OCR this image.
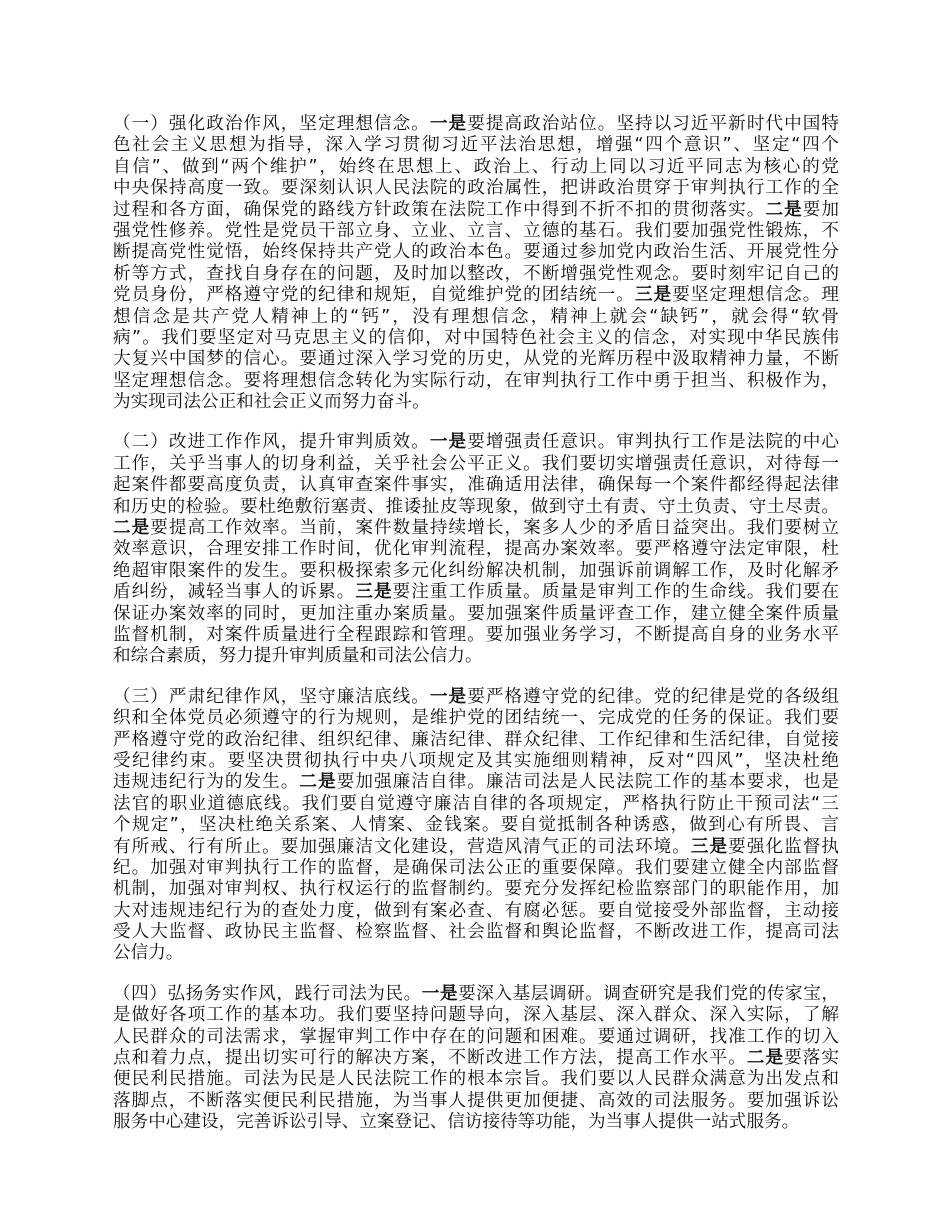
（一）强化政治作风，坚定理想信念。一是要提高政治站位。坚持以习近平新时代中国特
色社会主义思想为指导，深入学习贯彻习近平法治思想，增强“四个意识”、坚定“四个
自信”、做到“两个维护”，始终在思想上、政治上、行动上同以习近平同志为核心的党
中央保持高度一致。要深刻认识人民法院的政治属性，把讲政治贯穿于审判执行工作的全
过程和各方面，确保党的路线方针政策在法院工作中得到不折不扣的贯彻落实。二是要加
强党性修养。党性是党员干部立身、立业、立言、立德的基石。我们要加强党性锻炼，不
断提高党性觉悟，始终保持共产党人的政治本色。要通过参加党内政治生活、开展党性分
析等方式，查找自身存在的问题，及时加以整改，不断增强党性观念。要时刻牢记自己的
党员身份，严格遵守党的纪律和规矩，自觉维护党的团结统一。三是要坚定理想信念。理
想信念是共产党人精神上的“钙”，没有理想信念，精神上就会“缺钙”，就会得“软骨
病”。我们要坚定对马克思主义的信仰，对中国特色社会主义的信念，对实现中华民族伟
大复兴中国梦的信心。要通过深入学习党的历史，从党的光辉历程中汲取精神力量，不断
坚定理想信念。要将理想信念转化为实际行动，在审判执行工作中勇于担当、积极作为，
为实现司法公正和社会正义而努力奋斗。
（二）改进工作作风，提升审判质效。一是要增强责任意识。审判执行工作是法院的中心
工作，关乎当事人的切身利益，关乎社会公平正义。我们要切实增强责任意识，对待每一
起案件都要高度负责，认真审查案件事实，准确适用法律，确保每一个案件都经得起法律
和历史的检验。要杜绝敷衍塞责、推诿扯皮等现象，做到守土有责、守土负责、守土尽责。
二是要提高工作效率。当前，案件数量持续增长，案多人少的矛盾日益突出。我们要树立
效率意识，合理安排工作时间，优化审判流程，提高办案效率。要严格遵守法定审限，杜
绝超审限案件的发生。要积极探索多元化纠纷解决机制，加强诉前调解工作，及时化解矛
盾纠纷，减轻当事人的诉累。三是要注重工作质量。质量是审判工作的生命线。我们要在
保证办案效率的同时，更加注重办案质量。要加强案件质量评查工作，建立健全案件质量
监督机制，对案件质量进行全程跟踪和管理。要加强业务学习，不断提高自身的业务水平
和综合素质，努力提升审判质量和司法公信力。
（三）严肃纪律作风，坚守廉洁底线。一是要严格遵守党的纪律。党的纪律是党的各级组
织和全体党员必须遵守的行为规则，是维护党的团结统一、完成党的任务的保证。我们要
严格遵守党的政治纪律、组织纪律、廉洁纪律、群众纪律、工作纪律和生活纪律，自觉接
受纪律约束。要坚决贯彻执行中央八项规定及其实施细则精神，反对“四风”，坚决杜绝
违规违纪行为的发生。二是要加强廉洁自律。廉洁司法是人民法院工作的基本要求，也是
法官的职业道德底线。我们要自觉遵守廉洁自律的各项规定，严格执行防止干预司法“三
个规定”，坚决杜绝关系案、人情案、金钱案。要自觉抵制各种诱惑，做到心有所畏、言
有所戒、行有所止。要加强廉洁文化建设，营造风清气正的司法环境。三是要强化监督执
纪。加强对审判执行工作的监督，是确保司法公正的重要保障。我们要建立健全内部监督
机制，加强对审判权、执行权运行的监督制约。要充分发挥纪检监察部门的职能作用，加
大对违规违纪行为的查处力度，做到有案必查、有腐必惩。要自觉接受外部监督，主动接
受人大监督、政协民主监督、检察监督、社会监督和舆论监督，不断改进工作，提高司法
公信力。
（四）弘扬务实作风，践行司法为民。一是要深入基层调研。调查研究是我们党的传家宝，
是做好各项工作的基本功。我们要坚持问题导向，深入基层、深入群众、深入实际，了解
人民群众的司法需求，掌握审判工作中存在的问题和困难。要通过调研，找准工作的切入
点和着力点，提出切实可行的解决方案，不断改进工作方法，提高工作水平。二是要落实
便民利民措施。司法为民是人民法院工作的根本宗旨。我们要以人民群众满意为出发点和
落脚点，不断落实便民利民措施，为当事人提供更加便捷、高效的司法服务。要加强诉讼
服务中心建设，完善诉讼引导、立案登记、信访接待等功能，为当事人提供一站式服务。
